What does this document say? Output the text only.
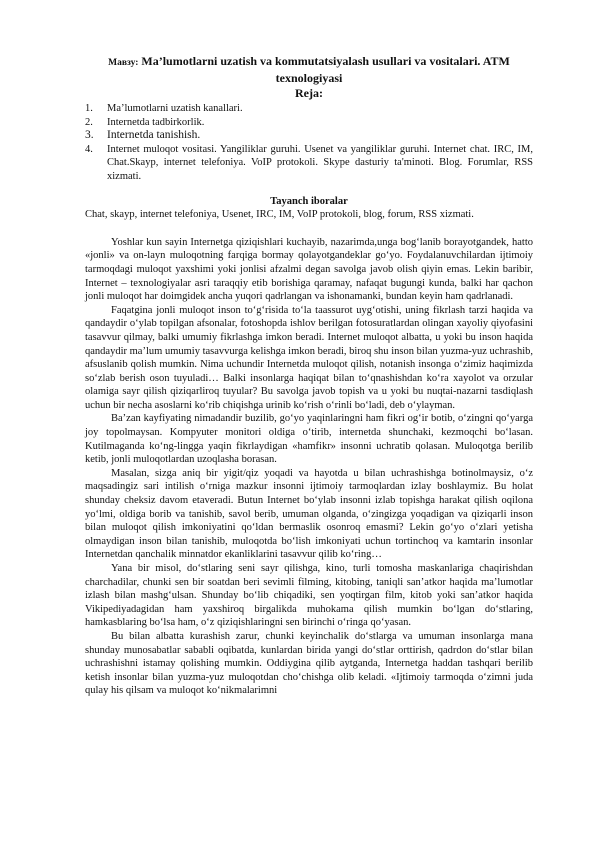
Mавзу: Ma’lumotlarni uzatish va kommutatsiyalash usullari va vositalari. ATM texnologiyasi

Reja:

1. Ma’lumotlarni uzatish kanallari.
2. Internetda tadbirkorlik.
3. Internetda tanishish.
4. Internet muloqot vositasi. Yangiliklar guruhi. Usenet va yangiliklar guruhi. Internet chat. IRC, IM, Chat.Skayp, internet telefoniya. VoIP protokoli. Skype dasturiy ta'minoti. Blog. Forumlar, RSS xizmati.

Tayanch iboralar

Chat, skayp, internet telefoniya, Usenet, IRC, IM, VoIP protokoli, blog, forum, RSS xizmati.

Yoshlar kun sayin Internetga qiziqishlari kuchayib, nazarimda,unga bog‘lanib borayotgandek, hatto «jonli» va on-layn muloqotning farqiga bormay qolayotgandeklar go‘yo. Foydalanuvchilardan ijtimoiy tarmoqdagi muloqot yaxshimi yoki jonlisi afzalmi degan savolga javob olish qiyin emas. Lekin baribir, Internet – texnologiyalar asri taraqqiy etib borishiga qaramay, nafaqat bugungi kunda, balki har qachon jonli muloqot har doimgidek ancha yuqori qadrlangan va ishonamanki, bundan keyin ham qadrlanadi.

Faqatgina jonli muloqot inson to‘g‘risida to‘la taassurot uyg‘otishi, uning fikrlash tarzi haqida va qandaydir o‘ylab topilgan afsonalar, fotoshopda ishlov berilgan fotosuratlardan olingan xayoliy qiyofasini tasavvur qilmay, balki umumiy fikrlashga imkon beradi. Internet muloqot albatta, u yoki bu inson haqida qandaydir ma’lum umumiy tasavvurga kelishga imkon beradi, biroq shu inson bilan yuzma-yuz uchrashib, afsuslanib qolish mumkin. Nima uchundir Internetda muloqot qilish, notanish insonga o‘zimiz haqimizda so‘zlab berish oson tuyuladi… Balki insonlarga haqiqat bilan to‘qnashishdan ko‘ra xayolot va orzular olamiga sayr qilish qiziqarliroq tuyular? Bu savolga javob topish va u yoki bu nuqtai-nazarni tasdiqlash uchun bir necha asoslarni ko‘rib chiqishga urinib ko‘rish o‘rinli bo‘ladi, deb o‘ylayman.

Ba’zan kayfiyating nimadandir buzilib, go‘yo yaqinlaringni ham fikri og‘ir botib, o‘zingni qo‘yarga joy topolmaysan. Kompyuter monitori oldiga o‘tirib, internetda shunchaki, kezmoqchi bo‘lasan. Kutilmaganda ko‘ng-lingga yaqin fikrlaydigan «hamfikr» insonni uchratib qolasan. Muloqotga berilib ketib, jonli muloqotlardan uzoqlasha borasan.

Masalan, sizga aniq bir yigit/qiz yoqadi va hayotda u bilan uchrashishga botinolmaysiz, o‘z maqsadingiz sari intilish o‘rniga mazkur insonni ijtimoiy tarmoqlardan izlay boshlaymiz. Bu holat shunday cheksiz davom etaveradi. Butun Internet bo‘ylab insonni izlab topishga harakat qilish oqilona yo‘lmi, oldiga borib va tanishib, savol berib, umuman olganda, o‘zingizga yoqadigan va qiziqarli inson bilan muloqot qilish imkoniyatini qo‘ldan bermaslik osonroq emasmi? Lekin go‘yo o‘zlari yetisha olmaydigan inson bilan tanishib, muloqotda bo‘lish imkoniyati uchun tortinchoq va kamtarin insonlar Internetdan qanchalik minnatdor ekanliklarini tasavvur qilib ko‘ring…

Yana bir misol, do‘stlaring seni sayr qilishga, kino, turli tomosha maskanlariga chaqirishdan charchadilar, chunki sen bir soatdan beri sevimli filming, kitobing, taniqli san’atkor haqida ma’lumotlar izlash bilan mashg‘ulsan. Shunday bo‘lib chiqadiki, sen yoqtirgan film, kitob yoki san’atkor haqida Vikipediyadagidan ham yaxshiroq birgalikda muhokama qilish mumkin bo‘lgan do‘stlaring, hamkasblaring bo‘lsa ham, o‘z qiziqishlaringni sen birinchi o‘ringa qo‘yasan.

Bu bilan albatta kurashish zarur, chunki keyinchalik do‘stlarga va umuman insonlarga mana shunday munosabatlar sababli oqibatda, kunlardan birida yangi do‘stlar orttirish, qadrdon do‘stlar bilan uchrashishni istamay qolishing mumkin. Oddiygina qilib aytganda, Internetga haddan tashqari berilib ketish insonlar bilan yuzma-yuz muloqotdan cho‘chishga olib keladi. «Ijtimoiy tarmoqda o‘zimni juda qulay his qilsam va muloqot ko‘nikmalarimni
